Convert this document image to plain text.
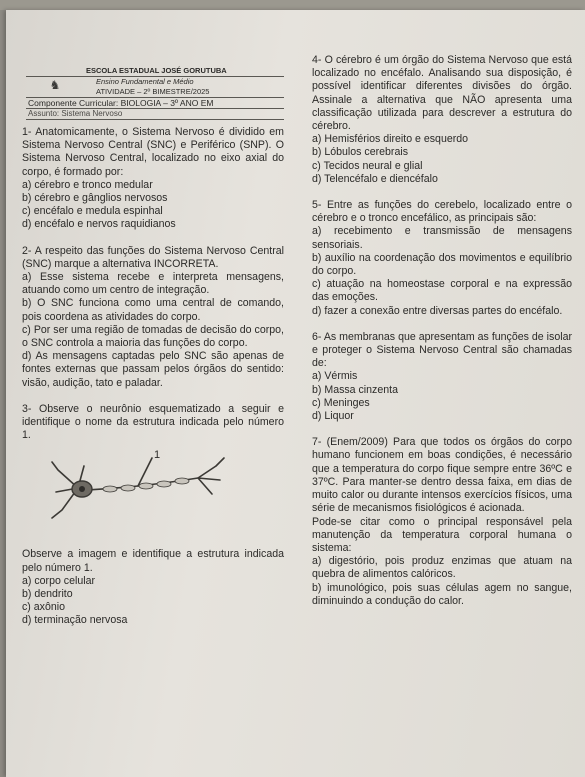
♞
ESCOLA ESTADUAL JOSÉ GORUTUBA
Ensino Fundamental e Médio
ATIVIDADE – 2º BIMESTRE/2025
Componente Curricular: BIOLOGIA – 3º ANO EM
Assunto: Sistema Nervoso

1- Anatomicamente, o Sistema Nervoso é dividido em Sistema Nervoso Central (SNC) e Periférico (SNP). O Sistema Nervoso Central, localizado no eixo axial do corpo, é formado por:

a) cérebro e tronco medular

b) cérebro e gânglios nervosos

c) encéfalo e medula espinhal

d) encéfalo e nervos raquidianos

2- A respeito das funções do Sistema Nervoso Central (SNC) marque a alternativa INCORRETA.

a) Esse sistema recebe e interpreta mensagens, atuando como um centro de integração.

b) O SNC funciona como uma central de comando, pois coordena as atividades do corpo.

c) Por ser uma região de tomadas de decisão do corpo, o SNC controla a maioria das funções do corpo.

d) As mensagens captadas pelo SNC são apenas de fontes externas que passam pelos órgãos do sentido: visão, audição, tato e paladar.

3- Observe o neurônio esquematizado a seguir e identifique o nome da estrutura indicada pelo número 1.

1

Observe a imagem e identifique a estrutura indicada pelo número 1.

a) corpo celular

b) dendrito

c) axônio

d) terminação nervosa

4- O cérebro é um órgão do Sistema Nervoso que está localizado no encéfalo. Analisando sua disposição, é possível identificar diferentes divisões do órgão. Assinale a alternativa que NÃO apresenta uma classificação utilizada para descrever a estrutura do cérebro.

a) Hemisférios direito e esquerdo

b) Lóbulos cerebrais

c) Tecidos neural e glial

d) Telencéfalo e diencéfalo

5- Entre as funções do cerebelo, localizado entre o cérebro e o tronco encefálico, as principais são:

a) recebimento e transmissão de mensagens sensoriais.

b) auxílio na coordenação dos movimentos e equilíbrio do corpo.

c) atuação na homeostase corporal e na expressão das emoções.

d) fazer a conexão entre diversas partes do encéfalo.

6- As membranas que apresentam as funções de isolar e proteger o Sistema Nervoso Central são chamadas de:

a) Vérmis

b) Massa cinzenta

c) Meninges

d) Liquor

7- (Enem/2009) Para que todos os órgãos do corpo humano funcionem em boas condições, é necessário que a temperatura do corpo fique sempre entre 36ºC e 37ºC. Para manter-se dentro dessa faixa, em dias de muito calor ou durante intensos exercícios físicos, uma série de mecanismos fisiológicos é acionada.

Pode-se citar como o principal responsável pela manutenção da temperatura corporal humana o sistema:

a) digestório, pois produz enzimas que atuam na quebra de alimentos calóricos.

b) imunológico, pois suas células agem no sangue, diminuindo a condução do calor.
